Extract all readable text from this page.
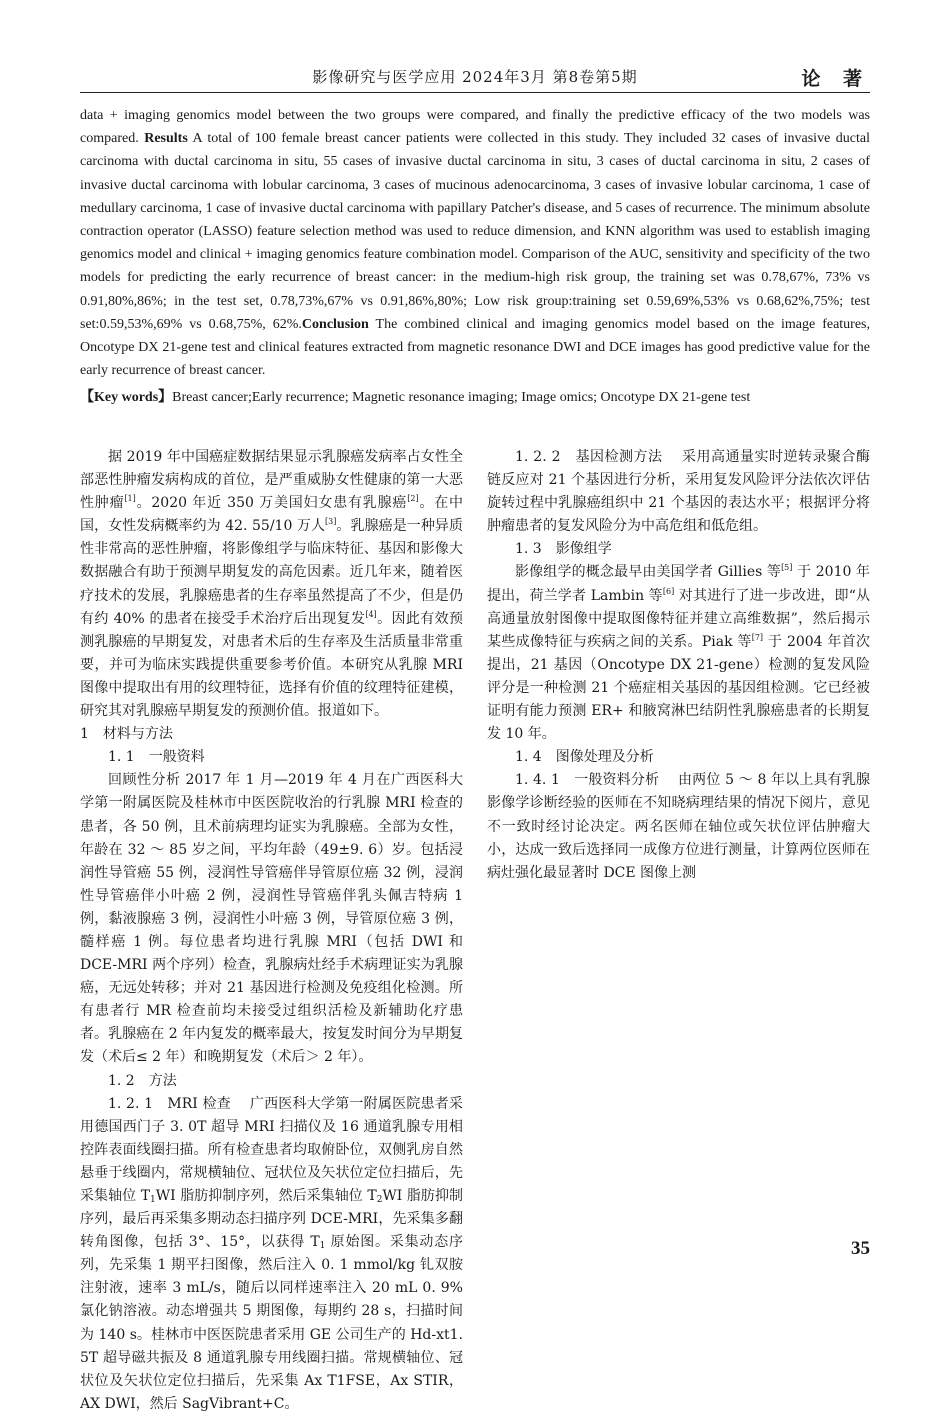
影像研究与医学应用 2024年3月 第8卷第5期	论 著
data + imaging genomics model between the two groups were compared, and finally the predictive efficacy of the two models was compared. Results A total of 100 female breast cancer patients were collected in this study. They included 32 cases of invasive ductal carcinoma with ductal carcinoma in situ, 55 cases of invasive ductal carcinoma in situ, 3 cases of ductal carcinoma in situ, 2 cases of invasive ductal carcinoma with lobular carcinoma, 3 cases of mucinous adenocarcinoma, 3 cases of invasive lobular carcinoma, 1 case of medullary carcinoma, 1 case of invasive ductal carcinoma with papillary Patcher's disease, and 5 cases of recurrence. The minimum absolute contraction operator (LASSO) feature selection method was used to reduce dimension, and KNN algorithm was used to establish imaging genomics model and clinical + imaging genomics feature combination model. Comparison of the AUC, sensitivity and specificity of the two models for predicting the early recurrence of breast cancer: in the medium-high risk group, the training set was 0.78,67%, 73% vs 0.91,80%,86%; in the test set, 0.78,73%,67% vs 0.91,86%,80%; Low risk group:training set 0.59,69%,53% vs 0.68,62%,75%; test set:0.59,53%,69% vs 0.68,75%, 62%.Conclusion The combined clinical and imaging genomics model based on the image features, Oncotype DX 21-gene test and clinical features extracted from magnetic resonance DWI and DCE images has good predictive value for the early recurrence of breast cancer.
【Key words】Breast cancer;Early recurrence; Magnetic resonance imaging; Image omics; Oncotype DX 21-gene test

据 2019 年中国癌症数据结果显示乳腺癌发病率占女性全部恶性肿瘤发病构成的首位，是严重威胁女性健康的第一大恶性肿瘤[1]。2020 年近 350 万美国妇女患有乳腺癌[2]。在中国，女性发病概率约为 42. 55/10 万人[3]。乳腺癌是一种异质性非常高的恶性肿瘤，将影像组学与临床特征、基因和影像大数据融合有助于预测早期复发的高危因素。近几年来，随着医疗技术的发展，乳腺癌患者的生存率虽然提高了不少，但是仍有约 40% 的患者在接受手术治疗后出现复发[4]。因此有效预测乳腺癌的早期复发，对患者术后的生存率及生活质量非常重要，并可为临床实践提供重要参考价值。本研究从乳腺 MRI 图像中提取出有用的纹理特征，选择有价值的纹理特征建模，研究其对乳腺癌早期复发的预测价值。报道如下。

1　材料与方法

1. 1　一般资料

回顾性分析 2017 年 1 月—2019 年 4 月在广西医科大学第一附属医院及桂林市中医医院收治的行乳腺 MRI 检查的患者，各 50 例，且术前病理均证实为乳腺癌。全部为女性，年龄在 32 ～ 85 岁之间，平均年龄（49±9. 6）岁。包括浸润性导管癌 55 例，浸润性导管癌伴导管原位癌 32 例，浸润性导管癌伴小叶癌 2 例，浸润性导管癌伴乳头佩吉特病 1 例，黏液腺癌 3 例，浸润性小叶癌 3 例，导管原位癌 3 例，髓样癌 1 例。每位患者均进行乳腺 MRI（包括 DWI 和 DCE-MRI 两个序列）检查，乳腺病灶经手术病理证实为乳腺癌，无远处转移；并对 21 基因进行检测及免疫组化检测。所有患者行 MR 检查前均未接受过组织活检及新辅助化疗患者。乳腺癌在 2 年内复发的概率最大，按复发时间分为早期复发（术后≤ 2 年）和晚期复发（术后＞ 2 年）。

1. 2　方法

1. 2. 1　MRI 检查　 广西医科大学第一附属医院患者采用德国西门子 3. 0T 超导 MRI 扫描仪及 16 通道乳腺专用相控阵表面线圈扫描。所有检查患者均取俯卧位，双侧乳房自然悬垂于线圈内，常规横轴位、冠状位及矢状位定位扫描后，先采集轴位 $T_1WI$ 脂肪抑制序列，然后采集轴位 $T_2WI$ 脂肪抑制序列，最后再采集多期动态扫描序列 DCE-MRI，先采集多翻转角图像，包括 3°、15°，以获得 $T_1$ 原始图。采集动态序列，先采集 1 期平扫图像，然后注入 0. 1 mmol/kg 钆双胺注射液，速率 3 mL/s，随后以同样速率注入 20 mL 0. 9% 氯化钠溶液。动态增强共 5 期图像，每期约 28 s，扫描时间为 140 s。桂林市中医医院患者采用 GE 公司生产的 Hd-xt1. 5T 超导磁共振及 8 通道乳腺专用线圈扫描。常规横轴位、冠状位及矢状位定位扫描后，先采集 Ax T1FSE，Ax STIR，AX DWI，然后 SagVibrant+C。

1. 2. 2　基因检测方法　 采用高通量实时逆转录聚合酶链反应对 21 个基因进行分析，采用复发风险评分法依次评估旋转过程中乳腺癌组织中 21 个基因的表达水平；根据评分将肿瘤患者的复发风险分为中高危组和低危组。

1. 3　影像组学

影像组学的概念最早由美国学者 Gillies 等[5] 于 2010 年提出，荷兰学者 Lambin 等[6] 对其进行了进一步改进，即“从高通量放射图像中提取图像特征并建立高维数据”，然后揭示某些成像特征与疾病之间的关系。Piak 等[7] 于 2004 年首次提出，21 基因（Oncotype DX 21-gene）检测的复发风险评分是一种检测 21 个癌症相关基因的基因组检测。它已经被证明有能力预测 ER+ 和腋窝淋巴结阴性乳腺癌患者的长期复发 10 年。

1. 4　图像处理及分析

1. 4. 1　一般资料分析　 由两位 5 ～ 8 年以上具有乳腺影像学诊断经验的医师在不知晓病理结果的情况下阅片，意见不一致时经讨论决定。两名医师在轴位或矢状位评估肿瘤大小，达成一致后选择同一成像方位进行测量，计算两位医师在病灶强化最显著时 DCE 图像上测

35
